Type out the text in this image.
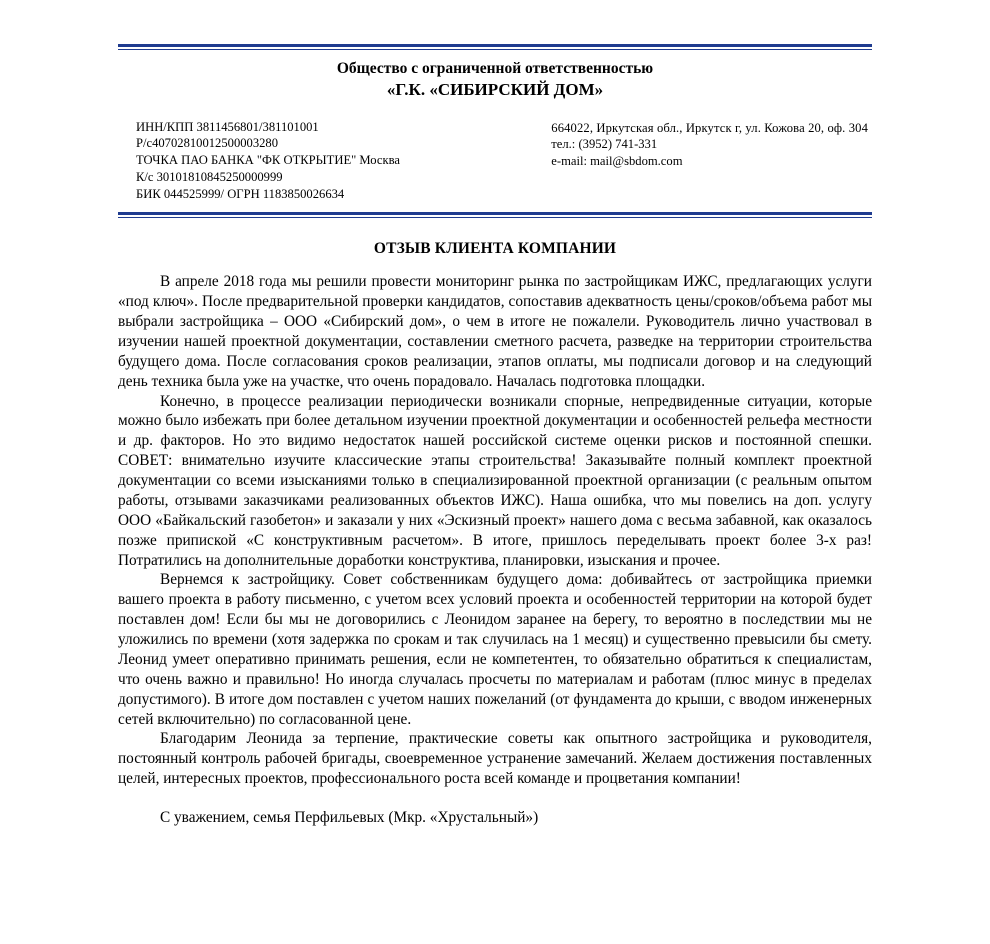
Общество с ограниченной ответственностью
«Г.К. «СИБИРСКИЙ ДОМ»
ИНН/КПП 3811456801/381101001
Р/с40702810012500003280
ТОЧКА ПАО БАНКА "ФК ОТКРЫТИЕ" Москва
К/с 30101810845250000999
БИК 044525999/ ОГРН 1183850026634
664022, Иркутская обл., Иркутск г, ул. Кожова 20, оф. 304
тел.: (3952) 741-331
e-mail: mail@sbdom.com
ОТЗЫВ КЛИЕНТА КОМПАНИИ

В апреле 2018 года мы решили провести мониторинг рынка по застройщикам ИЖС, предлагающих услуги «под ключ». После предварительной проверки кандидатов, сопоставив адекватность цены/сроков/объема работ мы выбрали застройщика – ООО «Сибирский дом», о чем в итоге не пожалели. Руководитель лично участвовал в изучении нашей проектной документации, составлении сметного расчета, разведке на территории строительства будущего дома. После согласования сроков реализации, этапов оплаты, мы подписали договор и на следующий день техника была уже на участке, что очень порадовало. Началась подготовка площадки.

Конечно, в процессе реализации периодически возникали спорные, непредвиденные ситуации, которые можно было избежать при более детальном изучении проектной документации и особенностей рельефа местности и др. факторов. Но это видимо недостаток нашей российской системе оценки рисков и постоянной спешки. СОВЕТ: внимательно изучите классические этапы строительства! Заказывайте полный комплект проектной документации со всеми изысканиями только в специализированной проектной организации (с реальным опытом работы, отзывами заказчиками реализованных объектов ИЖС). Наша ошибка, что мы повелись на доп. услугу ООО «Байкальский газобетон» и заказали у них «Эскизный проект» нашего дома с весьма забавной, как оказалось позже припиской «С конструктивным расчетом». В итоге, пришлось переделывать проект более 3-х раз! Потратились на дополнительные доработки конструктива, планировки, изыскания и прочее.

Вернемся к застройщику. Совет собственникам будущего дома: добивайтесь от застройщика приемки вашего проекта в работу письменно, с учетом всех условий проекта и особенностей территории на которой будет поставлен дом! Если бы мы не договорились с Леонидом заранее на берегу, то вероятно в последствии мы не уложились по времени (хотя задержка по срокам и так случилась на 1 месяц) и существенно превысили бы смету. Леонид умеет оперативно принимать решения, если не компетентен, то обязательно обратиться к специалистам, что очень важно и правильно! Но иногда случалась просчеты по материалам и работам (плюс минус в пределах допустимого). В итоге дом поставлен с учетом наших пожеланий (от фундамента до крыши, с вводом инженерных сетей включительно) по согласованной цене.

Благодарим Леонида за терпение, практические советы как опытного застройщика и руководителя, постоянный контроль рабочей бригады, своевременное устранение замечаний. Желаем достижения поставленных целей, интересных проектов, профессионального роста всей команде и процветания компании!

С уважением, семья Перфильевых (Мкр. «Хрустальный»)
